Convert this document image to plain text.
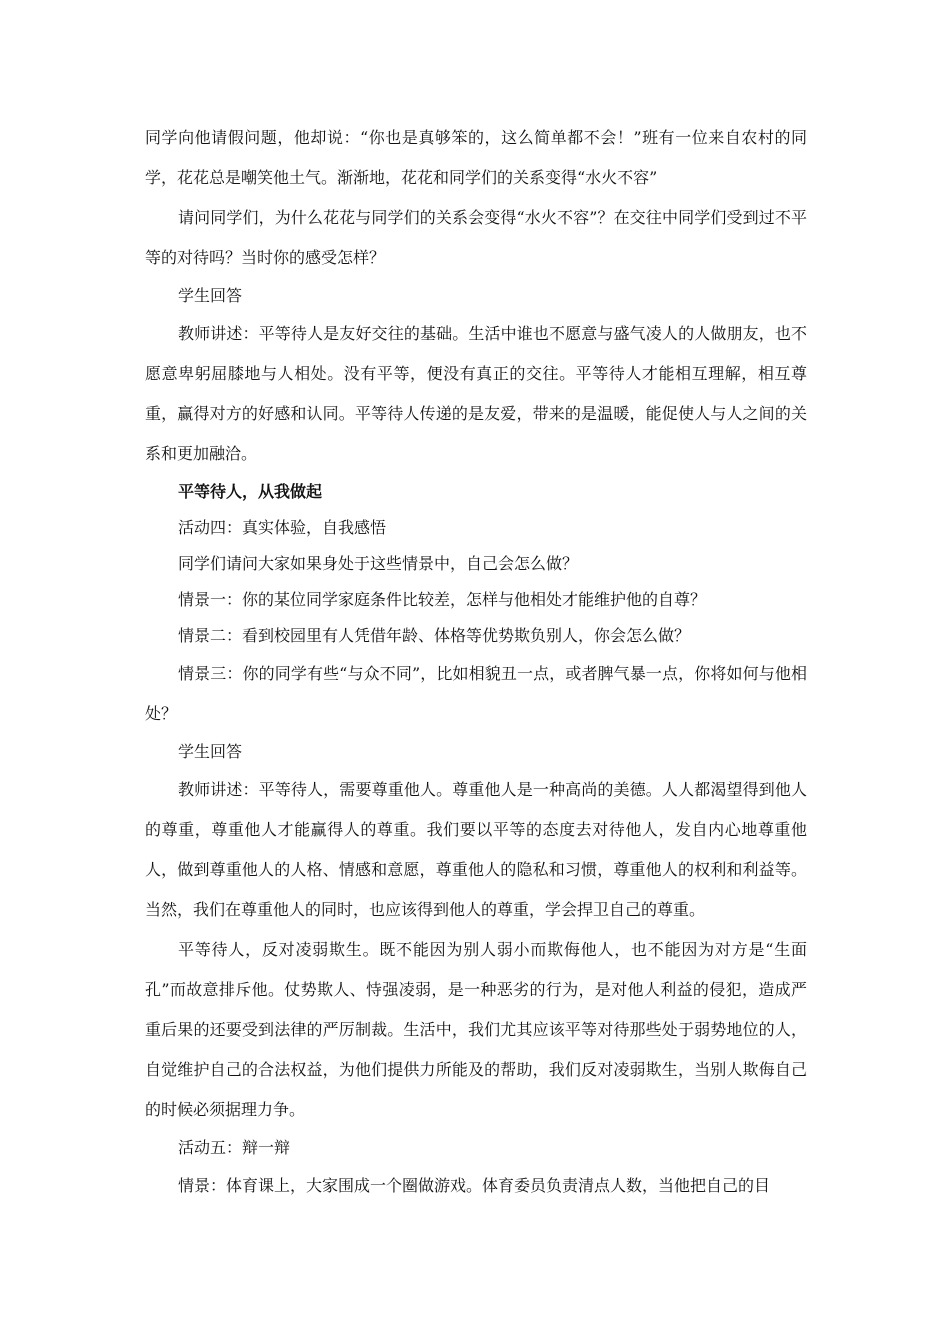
同学向他请假问题，他却说：“你也是真够笨的，这么简单都不会！”班有一位来自农村的同学，花花总是嘲笑他土气。渐渐地，花花和同学们的关系变得“水火不容”

请问同学们，为什么花花与同学们的关系会变得“水火不容”？在交往中同学们受到过不平等的对待吗？当时你的感受怎样？

学生回答

教师讲述：平等待人是友好交往的基础。生活中谁也不愿意与盛气凌人的人做朋友，也不愿意卑躬屈膝地与人相处。没有平等，便没有真正的交往。平等待人才能相互理解，相互尊重，赢得对方的好感和认同。平等待人传递的是友爱，带来的是温暖，能促使人与人之间的关系和更加融洽。

平等待人，从我做起

活动四：真实体验，自我感悟

同学们请问大家如果身处于这些情景中，自己会怎么做？

情景一：你的某位同学家庭条件比较差，怎样与他相处才能维护他的自尊？

情景二：看到校园里有人凭借年龄、体格等优势欺负别人，你会怎么做？

情景三：你的同学有些“与众不同”，比如相貌丑一点，或者脾气暴一点，你将如何与他相处？

学生回答

教师讲述：平等待人，需要尊重他人。尊重他人是一种高尚的美德。人人都渴望得到他人的尊重，尊重他人才能赢得人的尊重。我们要以平等的态度去对待他人，发自内心地尊重他人，做到尊重他人的人格、情感和意愿，尊重他人的隐私和习惯，尊重他人的权利和利益等。当然，我们在尊重他人的同时，也应该得到他人的尊重，学会捍卫自己的尊重。

平等待人，反对凌弱欺生。既不能因为别人弱小而欺侮他人，也不能因为对方是“生面孔”而故意排斥他。仗势欺人、恃强凌弱，是一种恶劣的行为，是对他人利益的侵犯，造成严重后果的还要受到法律的严厉制裁。生活中，我们尤其应该平等对待那些处于弱势地位的人，自觉维护自己的合法权益，为他们提供力所能及的帮助，我们反对凌弱欺生，当别人欺侮自己的时候必须据理力争。

活动五：辩一辩

情景：体育课上，大家围成一个圈做游戏。体育委员负责清点人数，当他把自己的目
